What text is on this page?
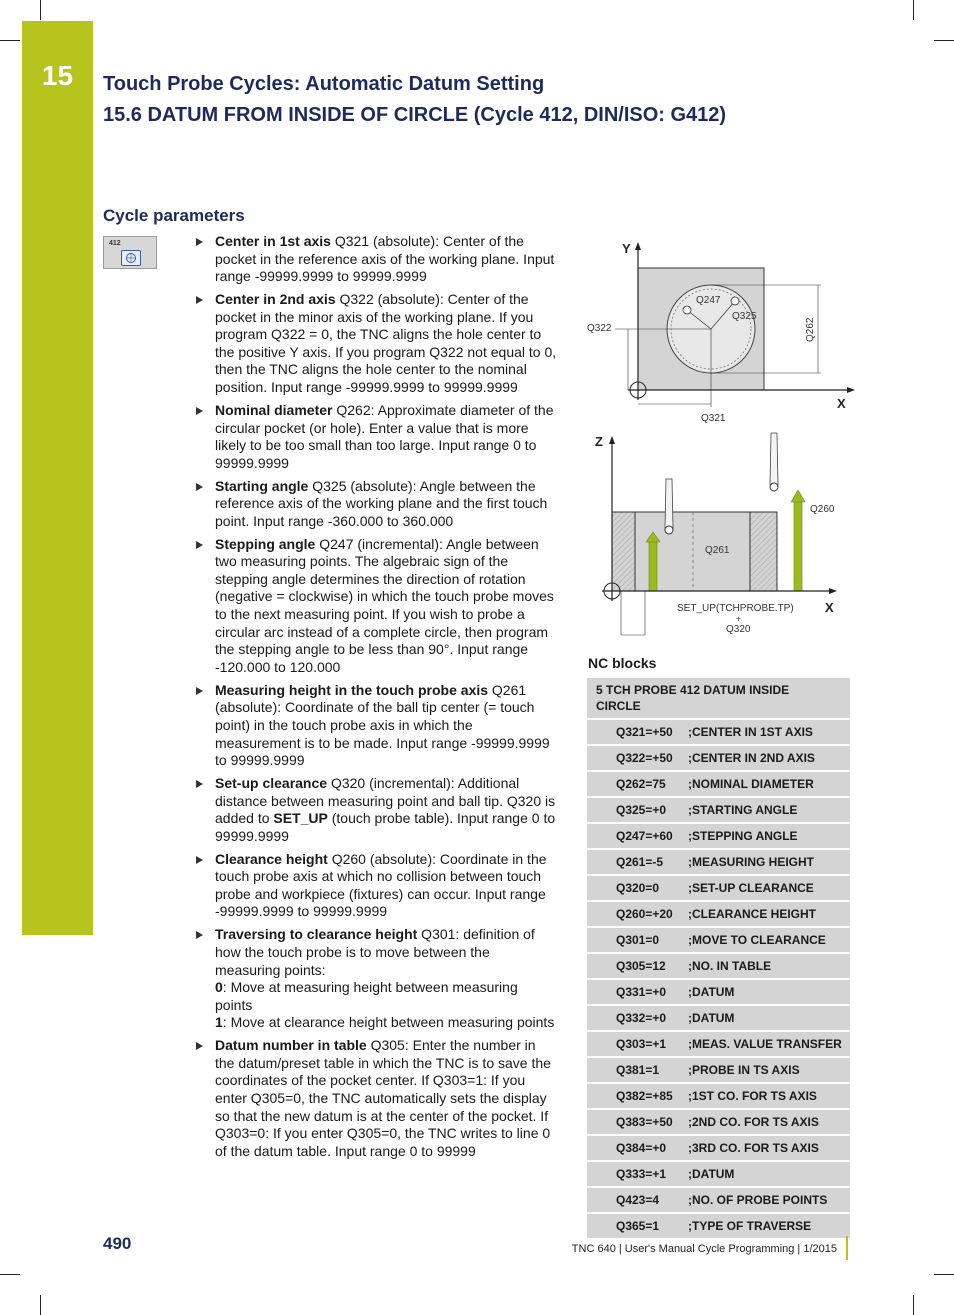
15	Touch Probe Cycles: Automatic Datum Setting
15.6 DATUM FROM INSIDE OF CIRCLE (Cycle 412, DIN/ISO: G412)
Cycle parameters
412	Center in 1st axis Q321 (absolute): Center of the pocket in the reference axis of the working plane. Input range -99999.9999 to 99999.9999
Center in 2nd axis Q322 (absolute): Center of the pocket in the minor axis of the working plane. If you program Q322 = 0, the TNC aligns the hole center to the positive Y axis. If you program Q322 not equal to 0, then the TNC aligns the hole center to the nominal position. Input range -99999.9999 to 99999.9999
Nominal diameter Q262: Approximate diameter of the circular pocket (or hole). Enter a value that is more likely to be too small than too large. Input range 0 to 99999.9999
Starting angle Q325 (absolute): Angle between the reference axis of the working plane and the first touch point. Input range -360.000 to 360.000
Stepping angle Q247 (incremental): Angle between two measuring points. The algebraic sign of the stepping angle determines the direction of rotation (negative = clockwise) in which the touch probe moves to the next measuring point. If you wish to probe a circular arc instead of a complete circle, then program the stepping angle to be less than 90°. Input range -120.000 to 120.000
Measuring height in the touch probe axis Q261 (absolute): Coordinate of the ball tip center (= touch point) in the touch probe axis in which the measurement is to be made. Input range -99999.9999 to 99999.9999
Set-up clearance Q320 (incremental): Additional distance between measuring point and ball tip. Q320 is added to SET_UP (touch probe table). Input range 0 to 99999.9999
Clearance height Q260 (absolute): Coordinate in the touch probe axis at which no collision between touch probe and workpiece (fixtures) can occur. Input range -99999.9999 to 99999.9999
Traversing to clearance height Q301: definition of how the touch probe is to move between the measuring points:
0: Move at measuring height between measuring points
1: Move at clearance height between measuring points
Datum number in table Q305: Enter the number in the datum/preset table in which the TNC is to save the coordinates of the pocket center. If Q303=1: If you enter Q305=0, the TNC automatically sets the display so that the new datum is at the center of the pocket. If Q303=0: If you enter Q305=0, the TNC writes to line 0 of the datum table. Input range 0 to 99999
Y
X
Q247
Q325
Q322	Q262
Q321
Z
X
Q260
Q261
SET_UP(TCHPROBE.TP)
+
Q320
NC blocks
5 TCH PROBE 412 DATUM INSIDE CIRCLE	
Q321=+50	;CENTER IN 1ST AXIS
Q322=+50	;CENTER IN 2ND AXIS
Q262=75	;NOMINAL DIAMETER
Q325=+0	;STARTING ANGLE
Q247=+60	;STEPPING ANGLE
Q261=-5	;MEASURING HEIGHT
Q320=0	;SET-UP CLEARANCE
Q260=+20	;CLEARANCE HEIGHT
Q301=0	;MOVE TO CLEARANCE
Q305=12	;NO. IN TABLE
Q331=+0	;DATUM
Q332=+0	;DATUM
Q303=+1	;MEAS. VALUE TRANSFER
Q381=1	;PROBE IN TS AXIS
Q382=+85	;1ST CO. FOR TS AXIS
Q383=+50	;2ND CO. FOR TS AXIS
Q384=+0	;3RD CO. FOR TS AXIS
Q333=+1	;DATUM
Q423=4	;NO. OF PROBE POINTS
Q365=1	;TYPE OF TRAVERSE
490	TNC 640 | User's Manual Cycle Programming | 1/2015
